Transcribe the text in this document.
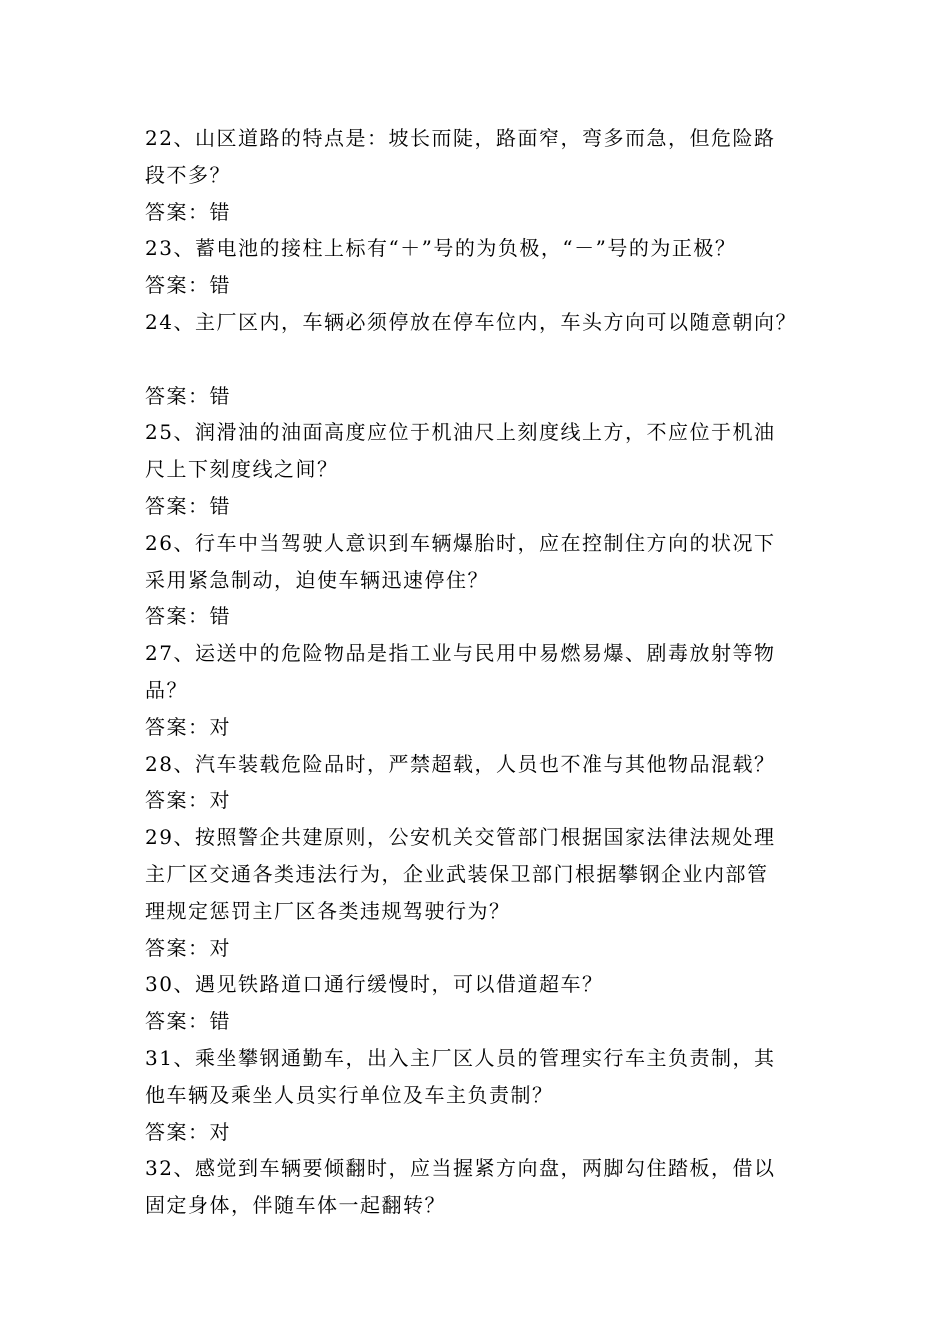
22、山区道路的特点是：坡长而陡，路面窄，弯多而急，但危险路
段不多？
答案：错
23、蓄电池的接柱上标有“＋”号的为负极，“－”号的为正极？
答案：错
24、主厂区内，车辆必须停放在停车位内，车头方向可以随意朝向？
答案：错
25、润滑油的油面高度应位于机油尺上刻度线上方，不应位于机油
尺上下刻度线之间？
答案：错
26、行车中当驾驶人意识到车辆爆胎时，应在控制住方向的状况下
采用紧急制动，迫使车辆迅速停住？
答案：错
27、运送中的危险物品是指工业与民用中易燃易爆、剧毒放射等物
品？
答案：对
28、汽车装载危险品时，严禁超载，人员也不准与其他物品混载？
答案：对
29、按照警企共建原则，公安机关交管部门根据国家法律法规处理
主厂区交通各类违法行为，企业武装保卫部门根据攀钢企业内部管
理规定惩罚主厂区各类违规驾驶行为？
答案：对
30、遇见铁路道口通行缓慢时，可以借道超车？
答案：错
31、乘坐攀钢通勤车，出入主厂区人员的管理实行车主负责制，其
他车辆及乘坐人员实行单位及车主负责制？
答案：对
32、感觉到车辆要倾翻时，应当握紧方向盘，两脚勾住踏板，借以
固定身体，伴随车体一起翻转？
